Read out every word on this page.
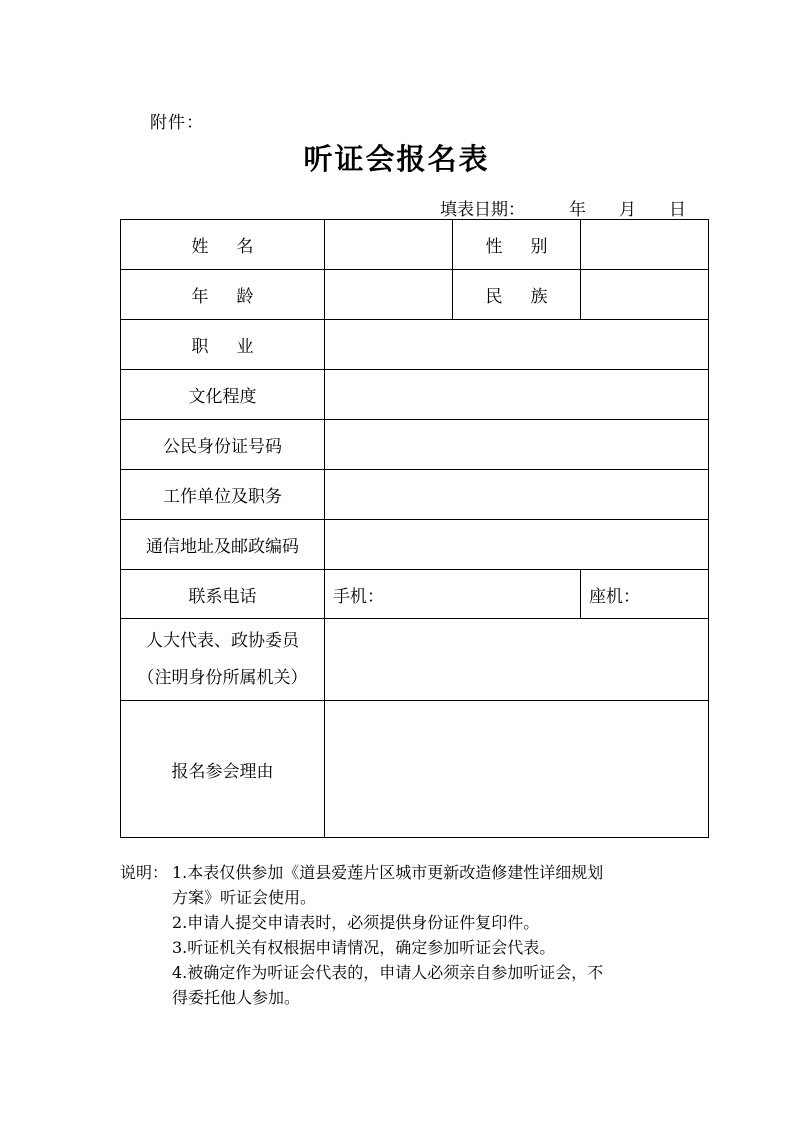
附件：
听证会报名表
填表日期：	年 月 日
姓 名		性 别	
年 龄		民 族	
职 业			
文化程度			
公民身份证号码			
工作单位及职务			
通信地址及邮政编码			
联系电话	手机：		座机：

人大代表、政协委员
（注明身份所属机关）			

报名参会理由			
说明： 1.本表仅供参加《道县爱莲片区城市更新改造修建性详细规划
方案》听证会使用。
2.申请人提交申请表时，必须提供身份证件复印件。
3.听证机关有权根据申请情况，确定参加听证会代表。
4.被确定作为听证会代表的，申请人必须亲自参加听证会，不
得委托他人参加。
